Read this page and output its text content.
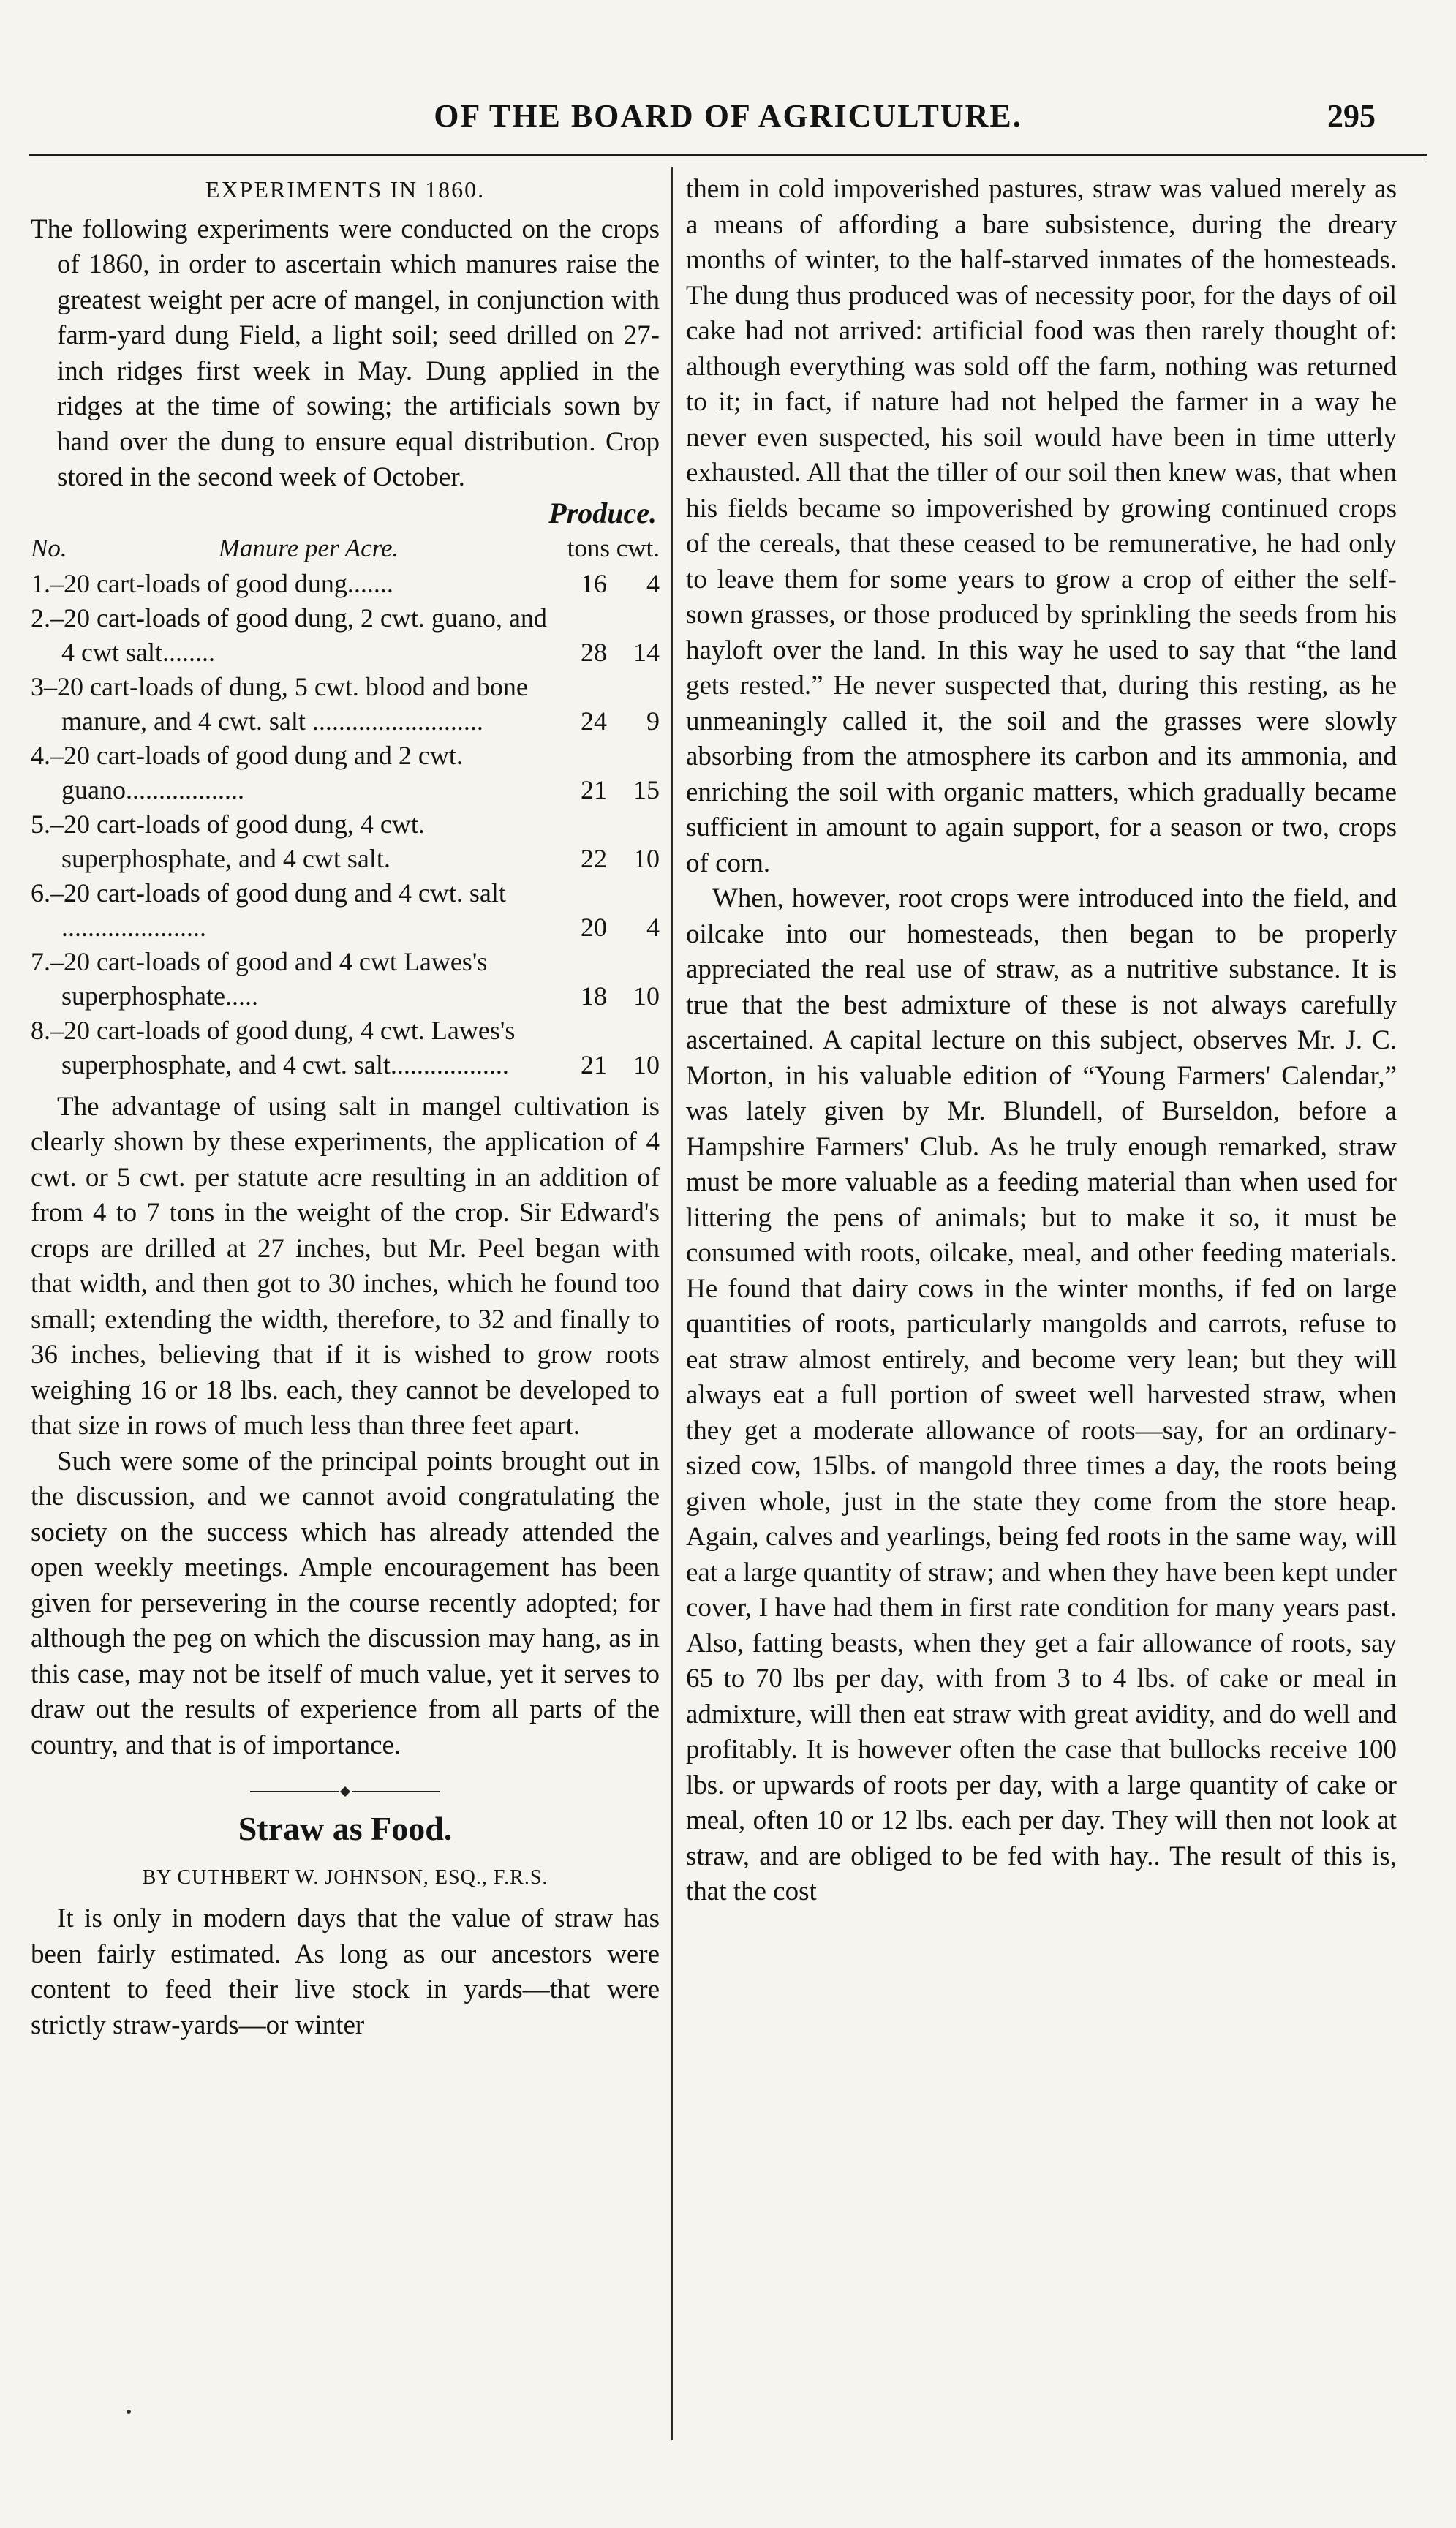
OF THE BOARD OF AGRICULTURE.	295
EXPERIMENTS IN 1860.

The following experiments were conducted on the crops of 1860, in order to ascertain which manures raise the greatest weight per acre of mangel, in conjunction with farm-yard dung Field, a light soil; seed drilled on 27-inch ridges first week in May. Dung applied in the ridges at the time of sowing; the artificials sown by hand over the dung to ensure equal distribution. Crop stored in the second week of October.

Produce.
No.	Manure per Acre.	tons cwt.
1.–20 cart-loads of good dung.......	16	4
2.–20 cart-loads of good dung, 2 cwt. guano, and 4 cwt salt........	28	14
3–20 cart-loads of dung, 5 cwt. blood and bone manure, and 4 cwt. salt ..........................	24	9
4.–20 cart-loads of good dung and 2 cwt. guano..................	21	15
5.–20 cart-loads of good dung, 4 cwt. superphosphate, and 4 cwt salt.	22	10
6.–20 cart-loads of good dung and 4 cwt. salt ......................	20	4
7.–20 cart-loads of good and 4 cwt Lawes's superphosphate.....	18	10
8.–20 cart-loads of good dung, 4 cwt. Lawes's superphosphate, and 4 cwt. salt..................	21	10

The advantage of using salt in mangel cultivation is clearly shown by these experiments, the application of 4 cwt. or 5 cwt. per statute acre resulting in an addition of from 4 to 7 tons in the weight of the crop. Sir Edward's crops are drilled at 27 inches, but Mr. Peel began with that width, and then got to 30 inches, which he found too small; extending the width, therefore, to 32 and finally to 36 inches, believing that if it is wished to grow roots weighing 16 or 18 lbs. each, they cannot be developed to that size in rows of much less than three feet apart.

Such were some of the principal points brought out in the discussion, and we cannot avoid congratulating the society on the success which has already attended the open weekly meetings. Ample encouragement has been given for persevering in the course recently adopted; for although the peg on which the discussion may hang, as in this case, may not be itself of much value, yet it serves to draw out the results of experience from all parts of the country, and that is of importance.

Straw as Food.
BY CUTHBERT W. JOHNSON, ESQ., F.R.S.

It is only in modern days that the value of straw has been fairly estimated. As long as our ancestors were content to feed their live stock in yards—that were strictly straw-yards—or winter

them in cold impoverished pastures, straw was valued merely as a means of affording a bare subsistence, during the dreary months of winter, to the half-starved inmates of the homesteads. The dung thus produced was of necessity poor, for the days of oil cake had not arrived: artificial food was then rarely thought of: although everything was sold off the farm, nothing was returned to it; in fact, if nature had not helped the farmer in a way he never even suspected, his soil would have been in time utterly exhausted. All that the tiller of our soil then knew was, that when his fields became so impoverished by growing continued crops of the cereals, that these ceased to be remunerative, he had only to leave them for some years to grow a crop of either the self-sown grasses, or those produced by sprinkling the seeds from his hayloft over the land. In this way he used to say that “the land gets rested.” He never suspected that, during this resting, as he unmeaningly called it, the soil and the grasses were slowly absorbing from the atmosphere its carbon and its ammonia, and enriching the soil with organic matters, which gradually became sufficient in amount to again support, for a season or two, crops of corn.

When, however, root crops were introduced into the field, and oilcake into our homesteads, then began to be properly appreciated the real use of straw, as a nutritive substance. It is true that the best admixture of these is not always carefully ascertained. A capital lecture on this subject, observes Mr. J. C. Morton, in his valuable edition of “Young Farmers' Calendar,” was lately given by Mr. Blundell, of Burseldon, before a Hampshire Farmers' Club. As he truly enough remarked, straw must be more valuable as a feeding material than when used for littering the pens of animals; but to make it so, it must be consumed with roots, oilcake, meal, and other feeding materials. He found that dairy cows in the winter months, if fed on large quantities of roots, particularly mangolds and carrots, refuse to eat straw almost entirely, and become very lean; but they will always eat a full portion of sweet well harvested straw, when they get a moderate allowance of roots—say, for an ordinary-sized cow, 15lbs. of mangold three times a day, the roots being given whole, just in the state they come from the store heap. Again, calves and yearlings, being fed roots in the same way, will eat a large quantity of straw; and when they have been kept under cover, I have had them in first rate condition for many years past. Also, fatting beasts, when they get a fair allowance of roots, say 65 to 70 lbs per day, with from 3 to 4 lbs. of cake or meal in admixture, will then eat straw with great avidity, and do well and profitably. It is however often the case that bullocks receive 100 lbs. or upwards of roots per day, with a large quantity of cake or meal, often 10 or 12 lbs. each per day. They will then not look at straw, and are obliged to be fed with hay.. The result of this is, that the cost
